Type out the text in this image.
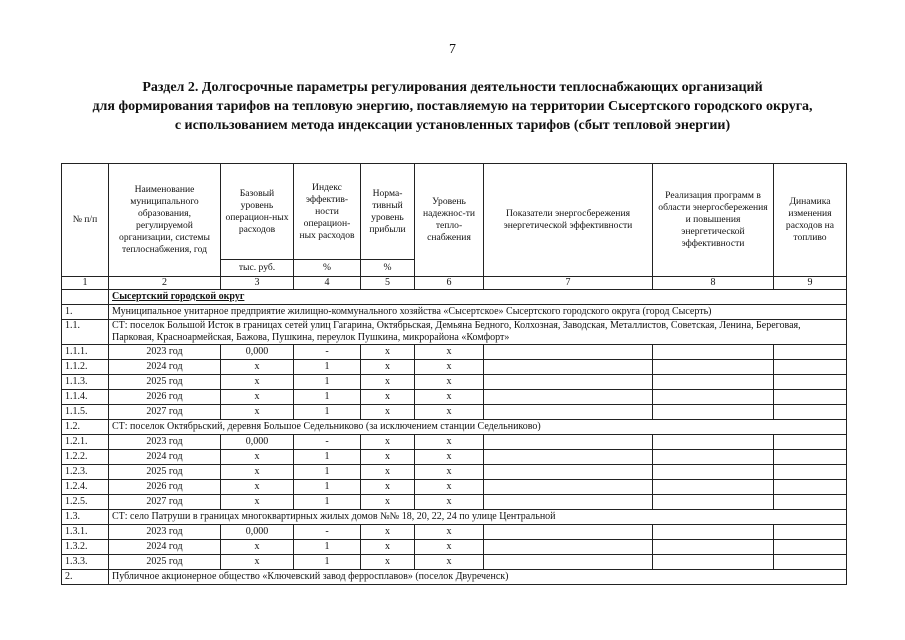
7
Раздел 2. Долгосрочные параметры регулирования деятельности теплоснабжающих организаций
для формирования тарифов на тепловую энергию, поставляемую на территории Сысертского городского округа,
с использованием метода индексации установленных тарифов (сбыт тепловой энергии)
№ п/п	Наименование муниципального образования, регулируемой организации, системы теплоснабжения, год	Базовый уровень операцион-ных расходов	Индекс эффектив-ности операцион-ных расходов	Норма-тивный уровень прибыли	Уровень надежнос-ти тепло-снабжения	Показатели энергосбережения энергетической эффективности	Реализация программ в области энергосбережения и повышения энергетической эффективности	Динамика изменения расходов на топливо
		тыс. руб.	%	%				
1	2	3	4	5	6	7	8	9
	Сысертский городской округ							
1.	Муниципальное унитарное предприятие жилищно-коммунального хозяйства «Сысертское» Сысертского городского округа (город Сысерть)							
1.1.	СТ: поселок Большой Исток в границах сетей улиц Гагарина, Октябрьская, Демьяна Бедного, Колхозная, Заводская, Металлистов, Советская, Ленина, Береговая, Парковая, Красноармейская, Бажова, Пушкина, переулок Пушкина, микрорайона «Комфорт»							
1.1.1.	2023 год	0,000	-	х	х			
1.1.2.	2024 год	х	1	х	х			
1.1.3.	2025 год	х	1	х	х			
1.1.4.	2026 год	х	1	х	х			
1.1.5.	2027 год	х	1	х	х			
1.2.	СТ: поселок Октябрьский, деревня Большое Седельниково (за исключением станции Седельниково)							
1.2.1.	2023 год	0,000	-	х	х			
1.2.2.	2024 год	х	1	х	х			
1.2.3.	2025 год	х	1	х	х			
1.2.4.	2026 год	х	1	х	х			
1.2.5.	2027 год	х	1	х	х			
1.3.	СТ: село Патруши в границах многоквартирных жилых домов №№ 18, 20, 22, 24 по улице Центральной							
1.3.1.	2023 год	0,000	-	х	х			
1.3.2.	2024 год	х	1	х	х			
1.3.3.	2025 год	х	1	х	х			
2.	Публичное акционерное общество «Ключевский завод ферросплавов» (поселок Двуреченск)							
